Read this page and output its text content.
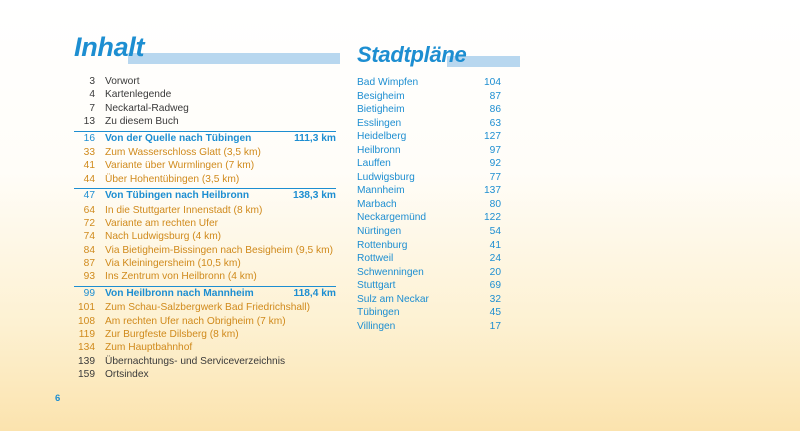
Inhalt	Stadtpläne
3 Vorwort
4 Kartenlegende
7 Neckartal-Radweg
13 Zu diesem Buch
16 Von der Quelle nach Tübingen	111,3 km
33 Zum Wasserschloss Glatt (3,5 km)
41 Variante über Wurmlingen (7 km)
44 Über Hohentübingen (3,5 km)
47 Von Tübingen nach Heilbronn	138,3 km
64 In die Stuttgarter Innenstadt (8 km)
72 Variante am rechten Ufer
74 Nach Ludwigsburg (4 km)
84 Via Bietigheim-Bissingen nach Besigheim (9,5 km)
87 Via Kleiningersheim (10,5 km)
93 Ins Zentrum von Heilbronn (4 km)
99 Von Heilbronn nach Mannheim	118,4 km
101 Zum Schau-Salzbergwerk Bad Friedrichshall)
108 Am rechten Ufer nach Obrigheim (7 km)
119 Zur Burgfeste Dilsberg (8 km)
134 Zum Hauptbahnhof
139 Übernachtungs- und Serviceverzeichnis
159 Ortsindex
Bad Wimpfen	104
Besigheim	87
Bietigheim	86
Esslingen	63
Heidelberg	127
Heilbronn	97
Lauffen	92
Ludwigsburg	77
Mannheim	137
Marbach	80
Neckargemünd	122
Nürtingen	54
Rottenburg	41
Rottweil	24
Schwenningen	20
Stuttgart	69
Sulz am Neckar	32
Tübingen	45
Villingen	17
6
